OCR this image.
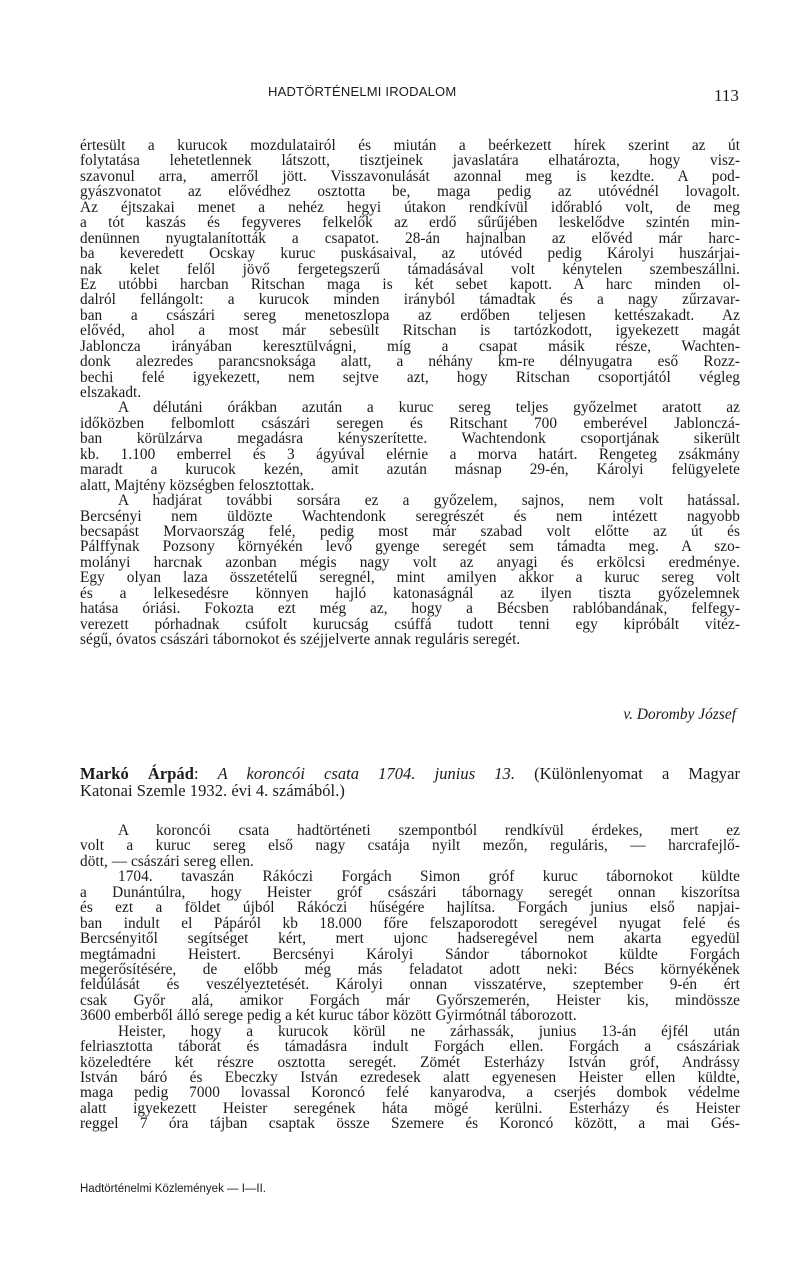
HADTÖRTÉNELMI IRODALOM	113
értesült a kurucok mozdulatairól és miután a beérkezett hírek szerint az út
folytatása lehetetlennek látszott, tisztjeinek javaslatára elhatározta, hogy visz-
szavonul arra, amerről jött. Visszavonulását azonnal meg is kezdte. A pod-
gyászvonatot az elővédhez osztotta be, maga pedig az utóvédnél lovagolt.
Az éjtszakai menet a nehéz hegyi útakon rendkívül időrabló volt, de meg
a tót kaszás és fegyveres felkelők az erdő sűrűjében leskelődve szintén min-
denünnen nyugtalanították a csapatot. 28-án hajnalban az elővéd már harc-
ba keveredett Ocskay kuruc puskásaival, az utóvéd pedig Károlyi huszárjai-
nak kelet felől jövő fergetegszerű támadásával volt kénytelen szembeszállni.
Ez utóbbi harcban Ritschan maga is két sebet kapott. A harc minden ol-
dalról fellángolt: a kurucok minden irányból támadtak és a nagy zűrzavar-
ban a császári sereg menetoszlopa az erdőben teljesen kettészakadt. Az
elővéd, ahol a most már sebesült Ritschan is tartózkodott, igyekezett magát
Jabloncza irányában keresztülvágni, míg a csapat másik része, Wachten-
donk alezredes parancsnoksága alatt, a néhány km-re délnyugatra eső Rozz-
bechi felé igyekezett, nem sejtve azt, hogy Ritschan csoportjától végleg
elszakadt.
A délutáni órákban azután a kuruc sereg teljes győzelmet aratott az
időközben felbomlott császári seregen és Ritschant 700 emberével Jablonczá-
ban körülzárva megadásra kényszerítette. Wachtendonk csoportjának sikerült
kb. 1.100 emberrel és 3 ágyúval elérnie a morva határt. Rengeteg zsákmány
maradt a kurucok kezén, amit azután másnap 29-én, Károlyi felügyelete
alatt, Majtény községben felosztottak.
A hadjárat további sorsára ez a győzelem, sajnos, nem volt hatással.
Bercsényi nem üldözte Wachtendonk seregrészét és nem intézett nagyobb
becsapást Morvaország felé, pedig most már szabad volt előtte az út és
Pálffynak Pozsony környékén levő gyenge seregét sem támadta meg. A szo-
molányi harcnak azonban mégis nagy volt az anyagi és erkölcsi eredménye.
Egy olyan laza összetételű seregnél, mint amilyen akkor a kuruc sereg volt
és a lelkesedésre könnyen hajló katonaságnál az ilyen tiszta győzelemnek
hatása óriási. Fokozta ezt még az, hogy a Bécsben rablóbandának, felfegy-
verezett pórhadnak csúfolt kurucság csúffá tudott tenni egy kipróbált vitéz-
ségű, óvatos császári tábornokot és széjjelverte annak reguláris seregét.
v. Doromby József
Markó Árpád: A koroncói csata 1704. junius 13. (Különlenyomat a Magyar
Katonai Szemle 1932. évi 4. számából.)
A koroncói csata hadtörténeti szempontból rendkívül érdekes, mert ez
volt a kuruc sereg első nagy csatája nyilt mezőn, reguláris, — harcrafejlő-
dött, — császári sereg ellen.
1704. tavaszán Rákóczi Forgách Simon gróf kuruc tábornokot küldte
a Dunántúlra, hogy Heister gróf császári tábornagy seregét onnan kiszorítsa
és ezt a földet újból Rákóczi hűségére hajlítsa. Forgách junius első napjai-
ban indult el Pápáról kb 18.000 főre felszaporodott seregével nyugat felé és
Bercsényitől segítséget kért, mert ujonc hadseregével nem akarta egyedül
megtámadni Heistert. Bercsényi Károlyi Sándor tábornokot küldte Forgách
megerősítésére, de előbb még más feladatot adott neki: Bécs környékének
feldúlását és veszélyeztetését. Károlyi onnan visszatérve, szeptember 9-én ért
csak Győr alá, amikor Forgách már Győrszemerén, Heister kis, mindössze
3600 emberből álló serege pedig a két kuruc tábor között Gyirmótnál táborozott.
Heister, hogy a kurucok körül ne zárhassák, junius 13-án éjfél után
felriasztotta táborát és támadásra indult Forgách ellen. Forgách a császáriak
közeledtére két részre osztotta seregét. Zömét Esterházy István gróf, Andrássy
István báró és Ebeczky István ezredesek alatt egyenesen Heister ellen küldte,
maga pedig 7000 lovassal Koroncó felé kanyarodva, a cserjés dombok védelme
alatt igyekezett Heister seregének háta mögé kerülni. Esterházy és Heister
reggel 7 óra tájban csaptak össze Szemere és Koroncó között, a mai Gés-
Hadtörténelmi Közlemények — I—II.
